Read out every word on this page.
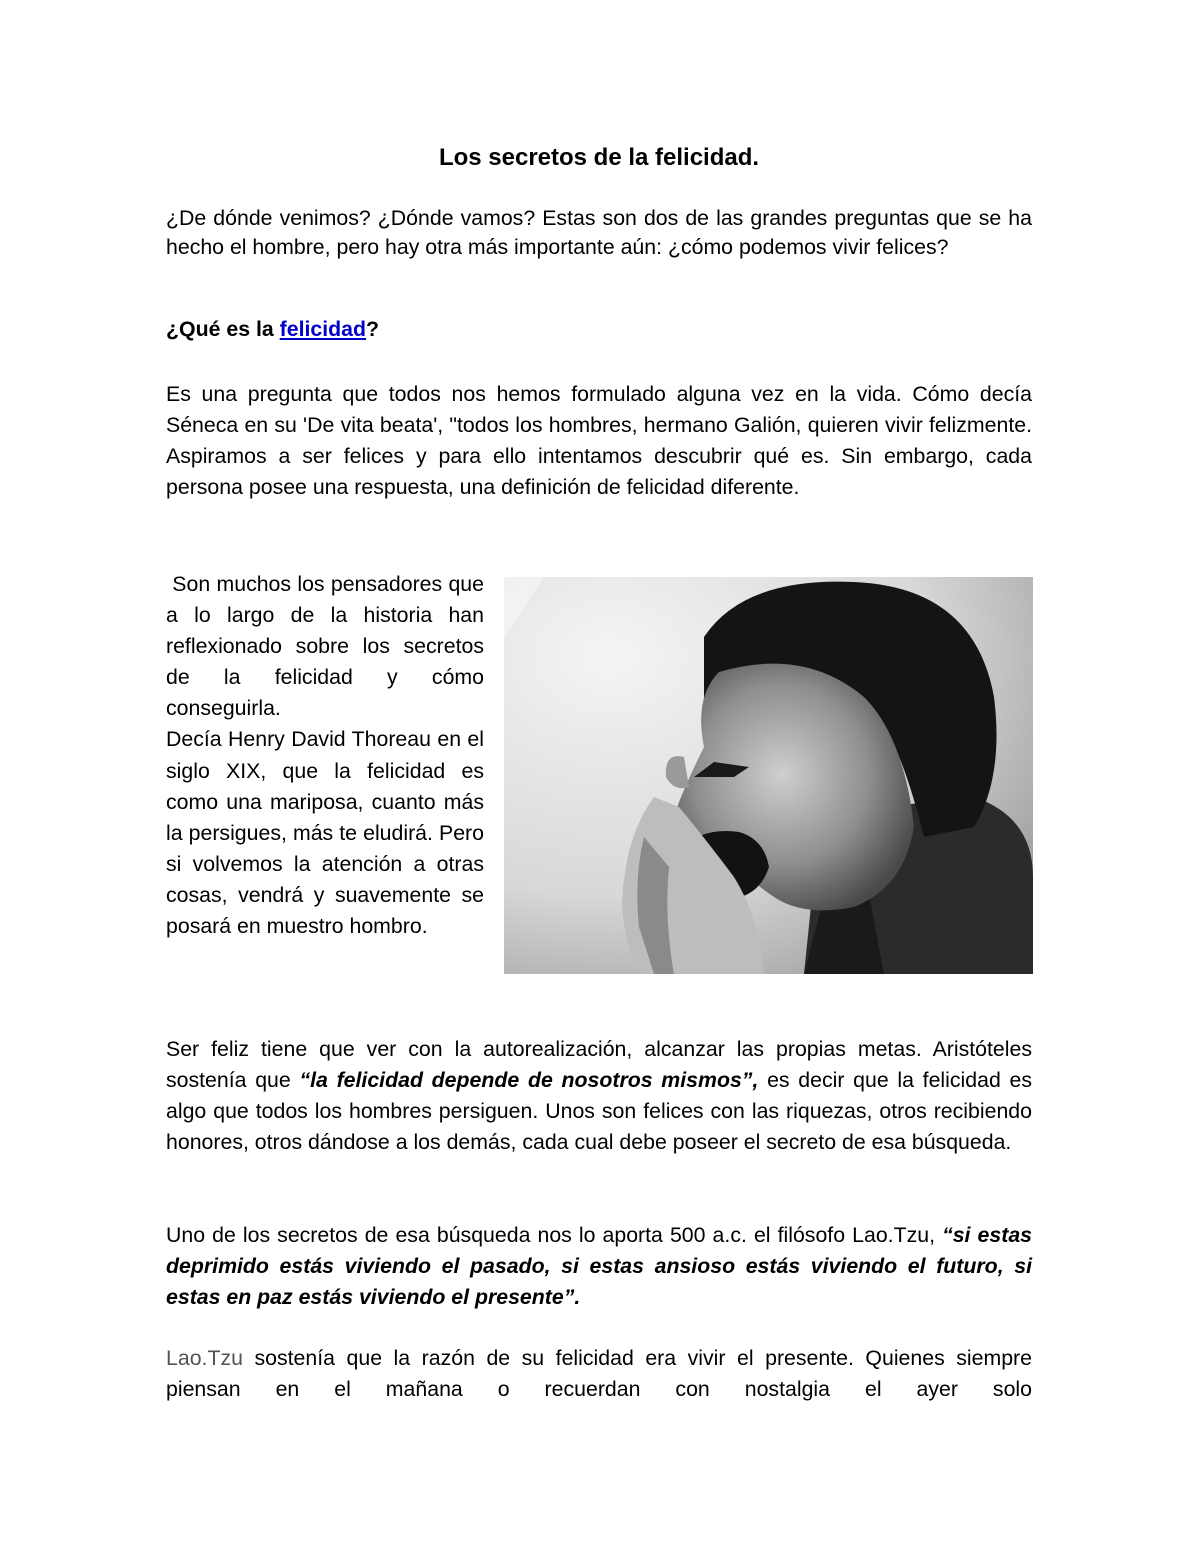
Los secretos de la felicidad.
¿De dónde venimos? ¿Dónde vamos? Estas son dos de las grandes preguntas que se ha hecho el hombre, pero hay otra más importante aún: ¿cómo podemos vivir felices?
¿Qué es la felicidad?
Es una pregunta que todos nos hemos formulado alguna vez en la vida. Cómo decía Séneca en su 'De vita beata', "todos los hombres, hermano Galión, quieren vivir felizmente. Aspiramos a ser felices y para ello intentamos descubrir qué es. Sin embargo, cada persona posee una respuesta, una definición de felicidad diferente.
Son muchos los pensadores que a lo largo de la historia han reflexionado sobre los secretos de la felicidad y cómo conseguirla.
Decía Henry David Thoreau en el siglo XIX, que la felicidad es como una mariposa, cuanto más la persigues, más te eludirá. Pero si volvemos la atención a otras cosas, vendrá y suavemente se posará en muestro hombro.
Ser feliz tiene que ver con la autorealización, alcanzar las propias metas. Aristóteles sostenía que “la felicidad depende de nosotros mismos”, es decir que la felicidad es algo que todos los hombres persiguen. Unos son felices con las riquezas, otros recibiendo honores, otros dándose a los demás, cada cual debe poseer el secreto de esa búsqueda.
Uno de los secretos de esa búsqueda nos lo aporta 500 a.c. el filósofo Lao.Tzu, “si estas deprimido estás viviendo el pasado, si estas ansioso estás viviendo el futuro, si estas en paz estás viviendo el presente”.
Lao.Tzu sostenía que la razón de su felicidad era vivir el presente. Quienes siempre piensan en el mañana o recuerdan con nostalgia el ayer solo
